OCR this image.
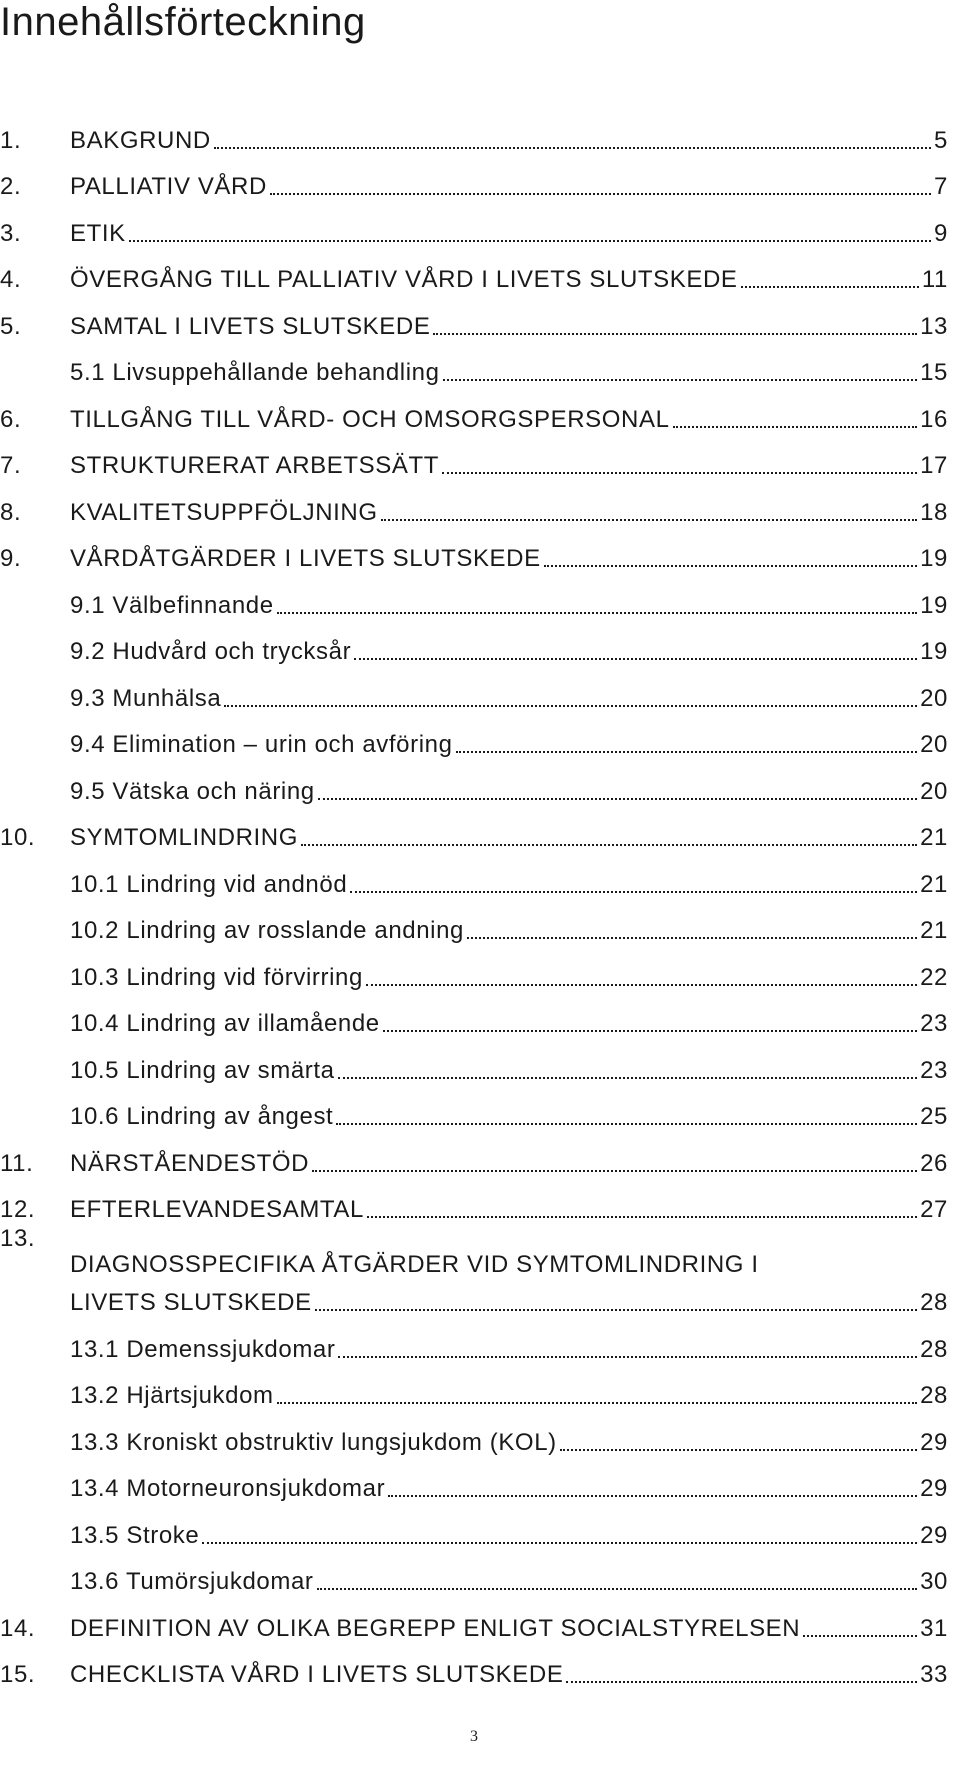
Innehållsförteckning
1.	BAKGRUND	5
2.	PALLIATIV VÅRD	7
3.	ETIK	9
4.	ÖVERGÅNG TILL PALLIATIV VÅRD I LIVETS SLUTSKEDE	11
5.	SAMTAL I LIVETS SLUTSKEDE	13
5.1 Livsuppehållande behandling	15
6.	TILLGÅNG TILL VÅRD- OCH OMSORGSPERSONAL	16
7.	STRUKTURERAT ARBETSSÄTT	17
8.	KVALITETSUPPFÖLJNING	18
9.	VÅRDÅTGÄRDER I LIVETS SLUTSKEDE	19
9.1 Välbefinnande	19
9.2 Hudvård och trycksår	19
9.3 Munhälsa	20
9.4 Elimination – urin och avföring	20
9.5 Vätska och näring	20
10.	SYMTOMLINDRING	21
10.1 Lindring vid andnöd	21
10.2 Lindring av rosslande andning	21
10.3 Lindring vid förvirring	22
10.4 Lindring av illamående	23
10.5 Lindring av smärta	23
10.6 Lindring av ångest	25
11.	NÄRSTÅENDESTÖD	26
12.	EFTERLEVANDESAMTAL	27
13.
DIAGNOSSPECIFIKA ÅTGÄRDER VID SYMTOMLINDRING I
LIVETS SLUTSKEDE	28
13.1 Demenssjukdomar	28
13.2 Hjärtsjukdom	28
13.3 Kroniskt obstruktiv lungsjukdom (KOL)	29
13.4 Motorneuronsjukdomar	29
13.5 Stroke	29
13.6 Tumörsjukdomar	30
14.	DEFINITION AV OLIKA BEGREPP ENLIGT SOCIALSTYRELSEN	31
15.	CHECKLISTA VÅRD I LIVETS SLUTSKEDE	33
3
